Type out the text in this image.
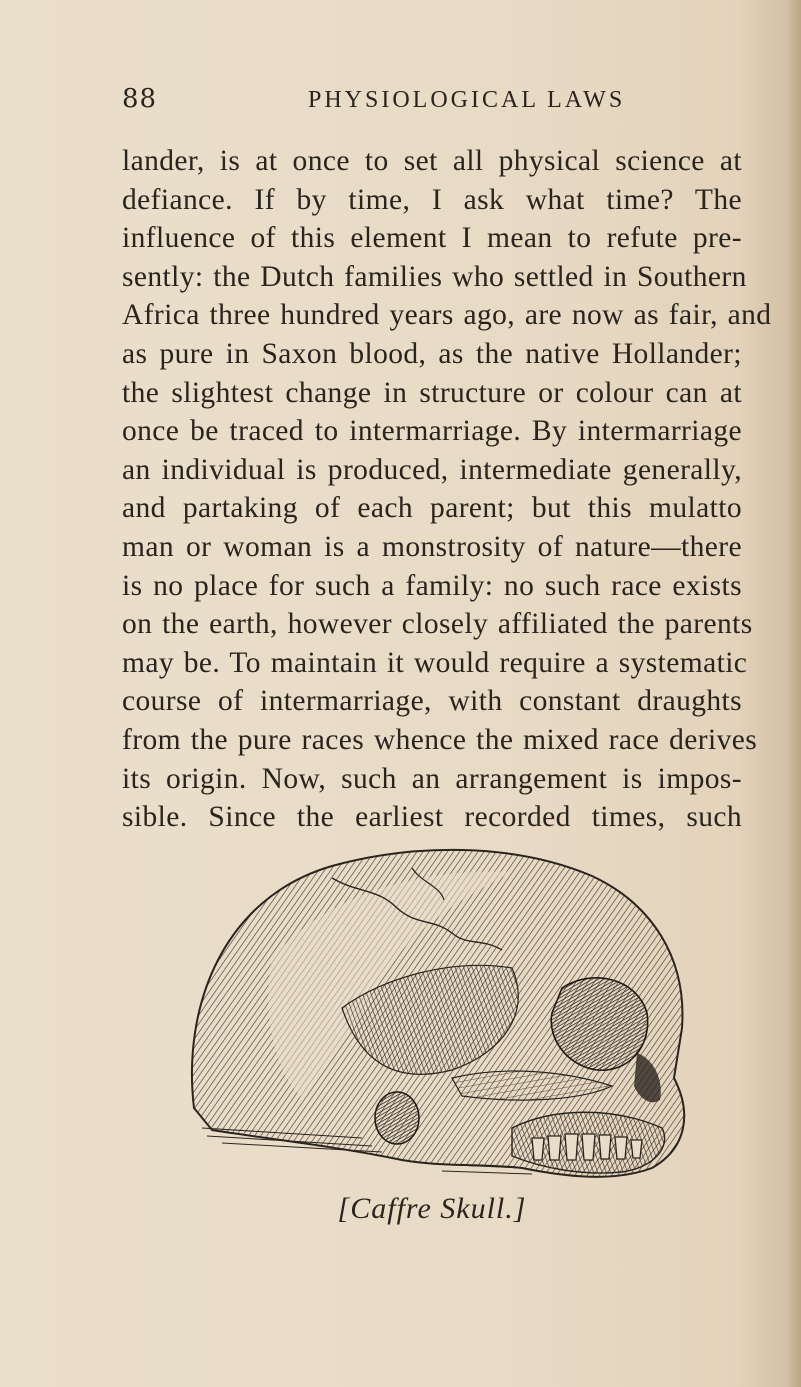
88	PHYSIOLOGICAL LAWS

lander, is at once to set all physical science at
defiance. If by time, I ask what time? The
influence of this element I mean to refute pre-
sently: the Dutch families who settled in Southern
Africa three hundred years ago, are now as fair, and
as pure in Saxon blood, as the native Hollander;
the slightest change in structure or colour can at
once be traced to intermarriage. By intermarriage
an individual is produced, intermediate generally,
and partaking of each parent; but this mulatto
man or woman is a monstrosity of nature—there
is no place for such a family: no such race exists
on the earth, however closely affiliated the parents
may be. To maintain it would require a systematic
course of intermarriage, with constant draughts
from the pure races whence the mixed race derives
its origin. Now, such an arrangement is impos-
sible. Since the earliest recorded times, such

[Caffre Skull.]
